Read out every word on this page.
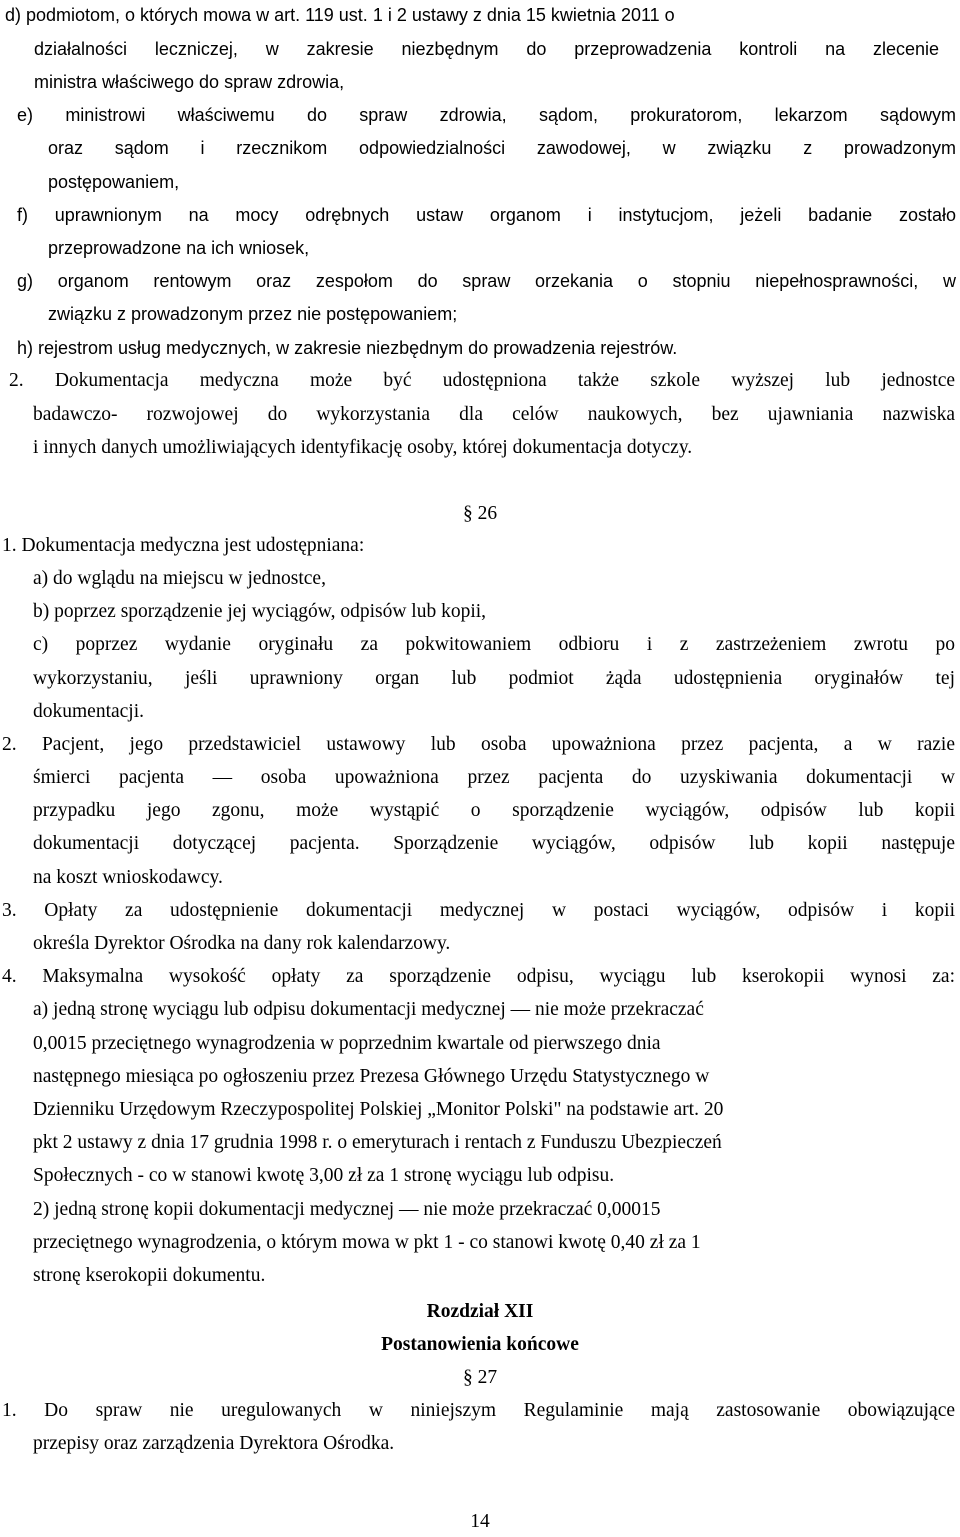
d) podmiotom, o których mowa w art. 119 ust. 1 i 2 ustawy z dnia 15 kwietnia 2011 o
działalności leczniczej, w zakresie niezbędnym do przeprowadzenia kontroli na zlecenie
ministra właściwego do spraw zdrowia,
e) ministrowi właściwemu do spraw zdrowia, sądom, prokuratorom, lekarzom sądowym
oraz sądom i rzecznikom odpowiedzialności zawodowej, w związku z prowadzonym
postępowaniem,
f) uprawnionym na mocy odrębnych ustaw organom i instytucjom, jeżeli badanie zostało
przeprowadzone na ich wniosek,
g) organom rentowym oraz zespołom do spraw orzekania o stopniu niepełnosprawności, w
związku z prowadzonym przez nie postępowaniem;
h) rejestrom usług medycznych, w zakresie niezbędnym do prowadzenia rejestrów.
2. Dokumentacja medyczna może być udostępniona także szkole wyższej lub jednostce
badawczo- rozwojowej do wykorzystania dla celów naukowych, bez ujawniania nazwiska
i innych danych umożliwiających identyfikację osoby, której dokumentacja dotyczy.
§ 26
1. Dokumentacja medyczna jest udostępniana:
a) do wglądu na miejscu w jednostce,
b) poprzez sporządzenie jej wyciągów, odpisów lub kopii,
c) poprzez wydanie oryginału za pokwitowaniem odbioru i z zastrzeżeniem zwrotu po
wykorzystaniu, jeśli uprawniony organ lub podmiot żąda udostępnienia oryginałów tej
dokumentacji.
2. Pacjent, jego przedstawiciel ustawowy lub osoba upoważniona przez pacjenta, a w razie
śmierci pacjenta — osoba upoważniona przez pacjenta do uzyskiwania dokumentacji w
przypadku jego zgonu, może wystąpić o sporządzenie wyciągów, odpisów lub kopii
dokumentacji dotyczącej pacjenta. Sporządzenie wyciągów, odpisów lub kopii następuje
na koszt wnioskodawcy.
3. Opłaty za udostępnienie dokumentacji medycznej w postaci wyciągów, odpisów i kopii
określa Dyrektor Ośrodka na dany rok kalendarzowy.
4. Maksymalna wysokość opłaty za sporządzenie odpisu, wyciągu lub kserokopii wynosi za:
a) jedną stronę wyciągu lub odpisu dokumentacji medycznej — nie może przekraczać
0,0015 przeciętnego wynagrodzenia w poprzednim kwartale od pierwszego dnia
następnego miesiąca po ogłoszeniu przez Prezesa Głównego Urzędu Statystycznego w
Dzienniku Urzędowym Rzeczypospolitej Polskiej „Monitor Polski" na podstawie art. 20
pkt 2 ustawy z dnia 17 grudnia 1998 r. o emeryturach i rentach z Funduszu Ubezpieczeń
Społecznych - co w stanowi kwotę 3,00 zł za 1 stronę wyciągu lub odpisu.
2) jedną stronę kopii dokumentacji medycznej — nie może przekraczać 0,00015
przeciętnego wynagrodzenia, o którym mowa w pkt 1 - co stanowi kwotę 0,40 zł za 1
stronę kserokopii dokumentu.
Rozdział XII
Postanowienia końcowe
§ 27
1. Do spraw nie uregulowanych w niniejszym Regulaminie mają zastosowanie obowiązujące
przepisy oraz zarządzenia Dyrektora Ośrodka.
14
